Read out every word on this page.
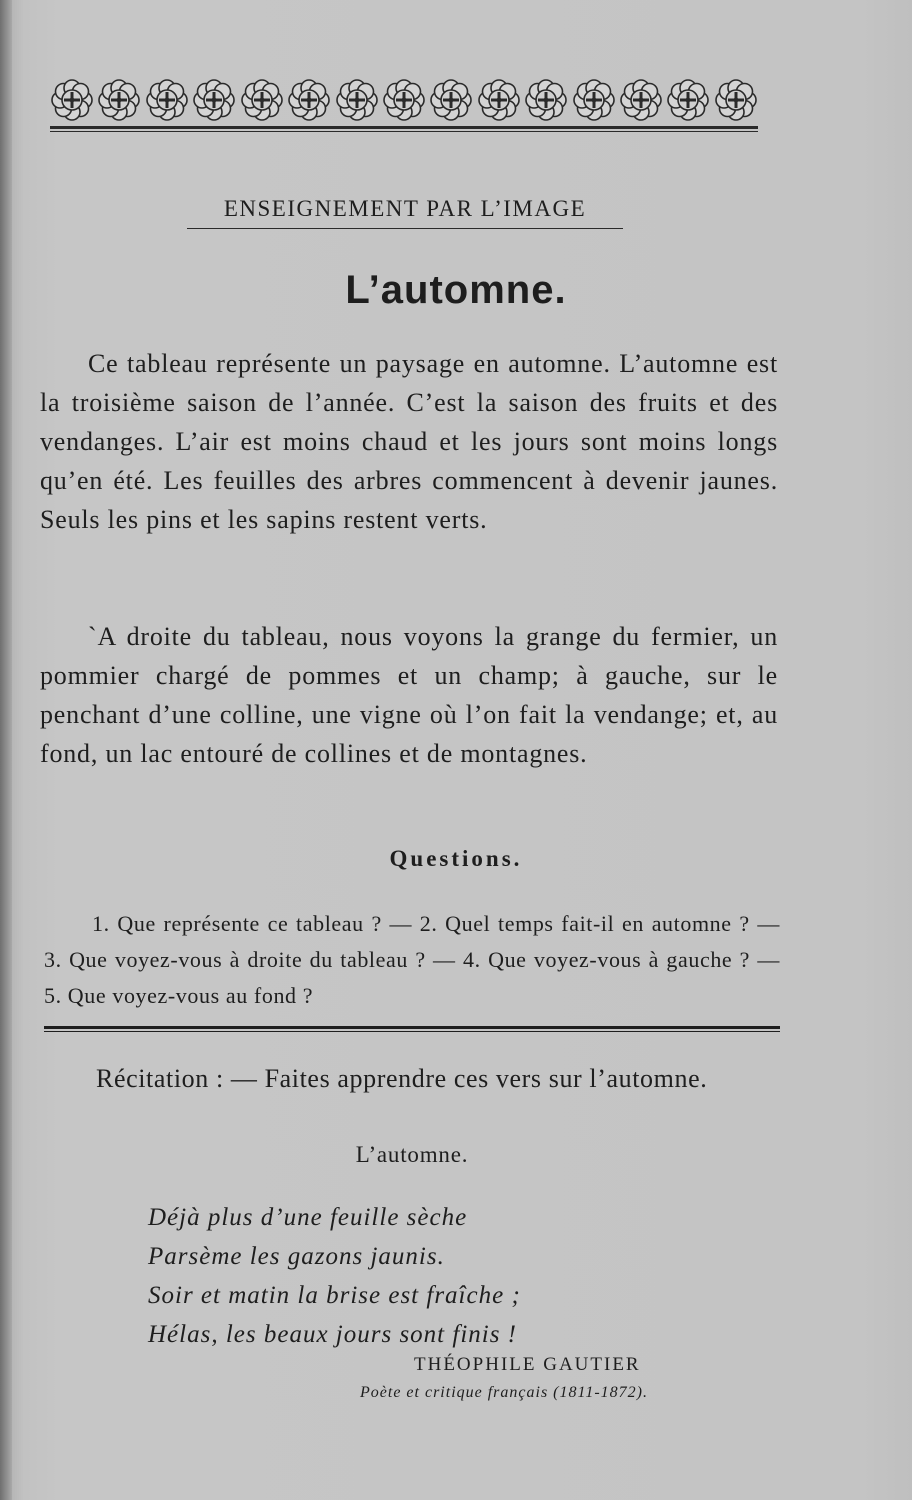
ENSEIGNEMENT PAR L’IMAGE
L’automne.

Ce tableau représente un paysage en automne. L’automne est la troisième saison de l’année. C’est la saison des fruits et des vendanges. L’air est moins chaud et les jours sont moins longs qu’en été. Les feuilles des arbres commencent à devenir jaunes. Seuls les pins et les sapins restent verts.

`A droite du tableau, nous voyons la grange du fermier, un pommier chargé de pommes et un champ; à gauche, sur le penchant d’une colline, une vigne où l’on fait la vendange; et, au fond, un lac entouré de collines et de montagnes.

Questions.

1. Que représente ce tableau ? — 2. Quel temps fait-il en automne ? — 3. Que voyez-vous à droite du tableau ? — 4. Que voyez-vous à gauche ? — 5. Que voyez-vous au fond ?

Récitation : — Faites apprendre ces vers sur l’automne.

L’automne.

Déjà plus d’une feuille sèche

Parsème les gazons jaunis.

Soir et matin la brise est fraîche ;

Hélas, les beaux jours sont finis !

THÉOPHILE GAUTIER
Poète et critique français (1811-1872).
